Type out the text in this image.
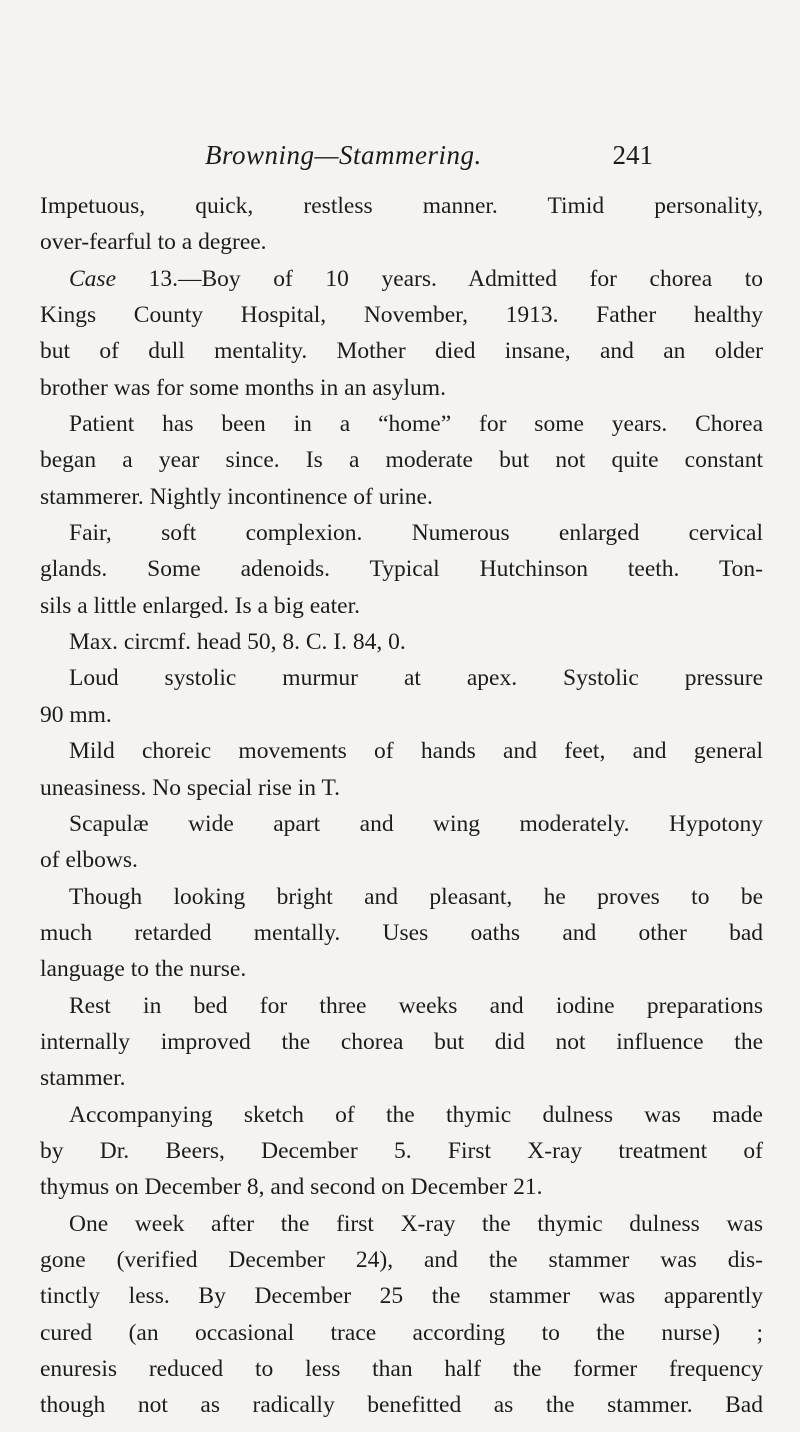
Browning—Stammering.	241
Impetuous, quick, restless manner. Timid personality,
over-fearful to a degree.
Case 13.—Boy of 10 years. Admitted for chorea to
Kings County Hospital, November, 1913. Father healthy
but of dull mentality. Mother died insane, and an older
brother was for some months in an asylum.
Patient has been in a “home” for some years. Chorea
began a year since. Is a moderate but not quite constant
stammerer. Nightly incontinence of urine.
Fair, soft complexion. Numerous enlarged cervical
glands. Some adenoids. Typical Hutchinson teeth. Ton-
sils a little enlarged. Is a big eater.
Max. circmf. head 50, 8. C. I. 84, 0.
Loud systolic murmur at apex. Systolic pressure
90 mm.
Mild choreic movements of hands and feet, and general
uneasiness. No special rise in T.
Scapulæ wide apart and wing moderately. Hypotony
of elbows.
Though looking bright and pleasant, he proves to be
much retarded mentally. Uses oaths and other bad
language to the nurse.
Rest in bed for three weeks and iodine preparations
internally improved the chorea but did not influence the
stammer.
Accompanying sketch of the thymic dulness was made
by Dr. Beers, December 5. First X-ray treatment of
thymus on December 8, and second on December 21.
One week after the first X-ray the thymic dulness was
gone (verified December 24), and the stammer was dis-
tinctly less. By December 25 the stammer was apparently
cured (an occasional trace according to the nurse) ;
enuresis reduced to less than half the former frequency
though not as radically benefitted as the stammer. Bad
